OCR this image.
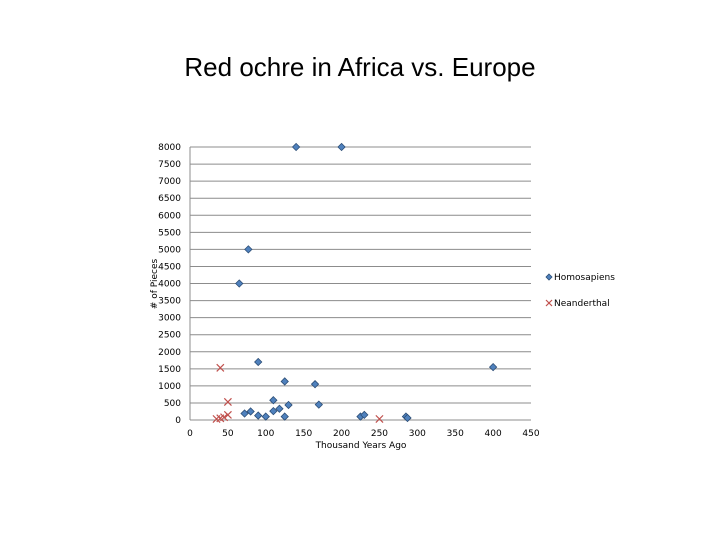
Red ochre in Africa vs. Europe
0
500
1000
1500
2000
2500
3000
3500
4000
4500
5000
5500
6000
6500
7000
7500
8000
0	50	100 150 200 250 300 350 400 450
Thousand Years Ago
# of Pieces	Homosapiens
Neanderthal
